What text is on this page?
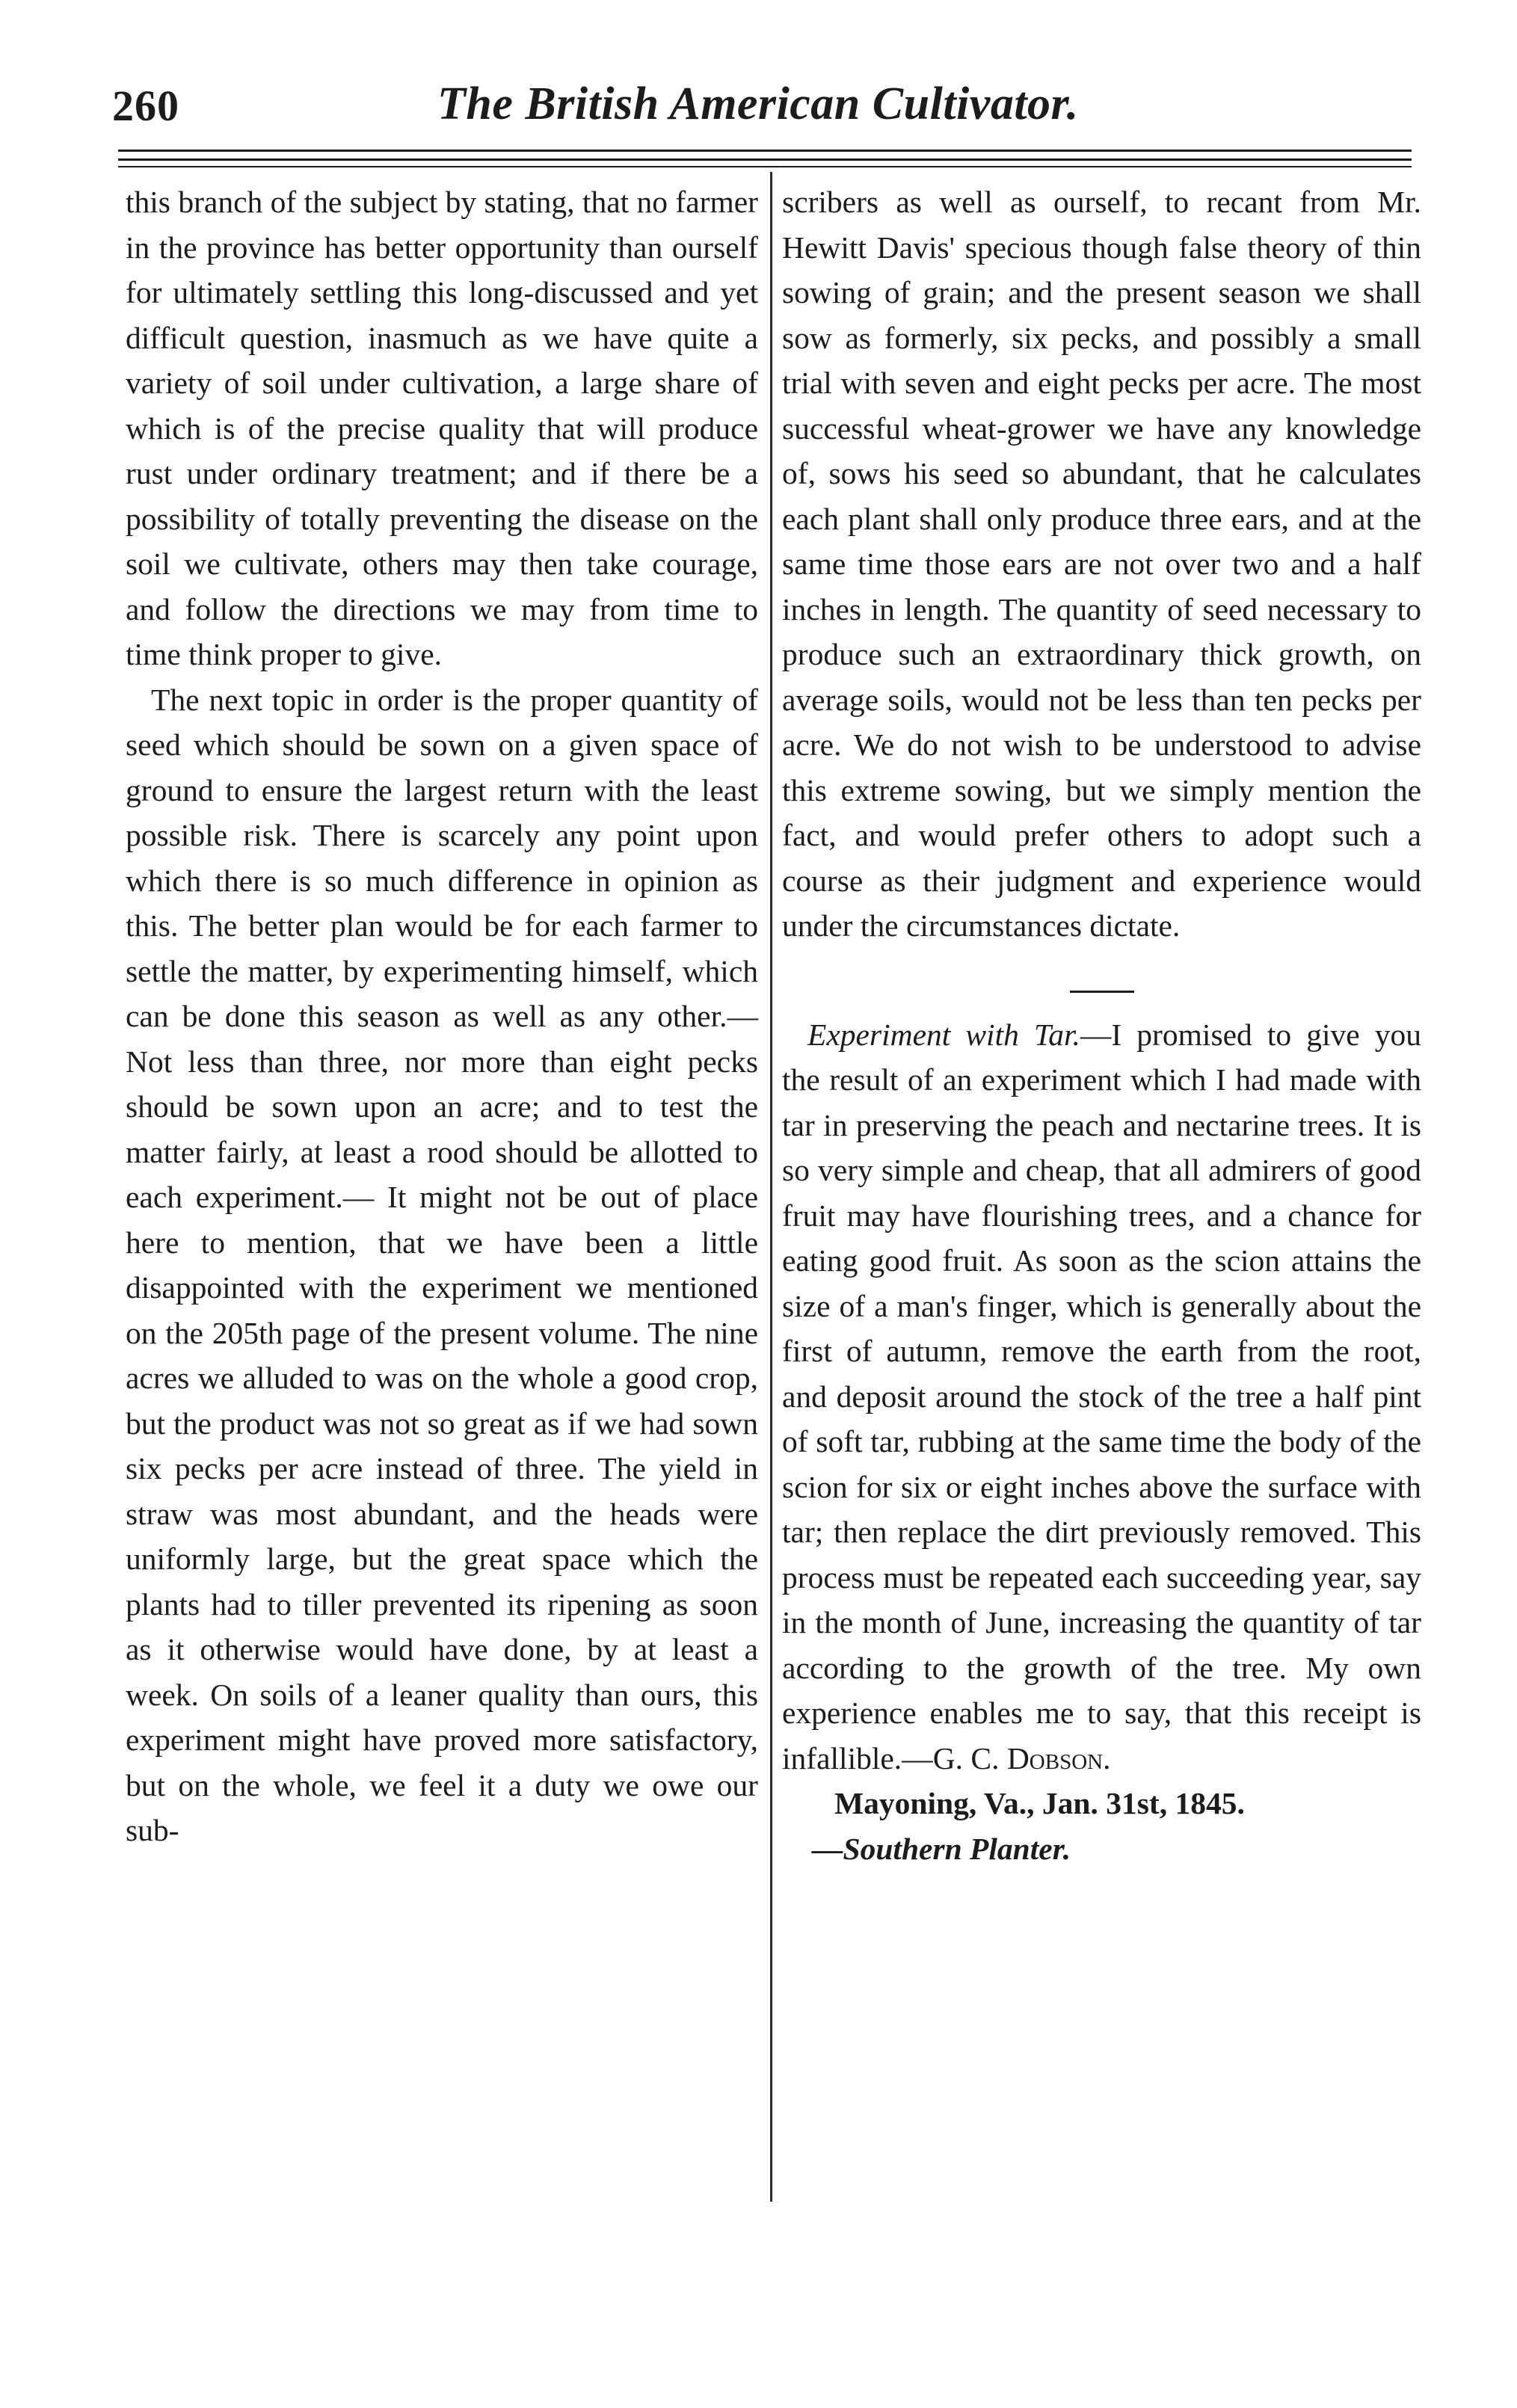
260	The British American Cultivator.

this branch of the subject by stating, that no farmer in the province has better opportunity than ourself for ultimately settling this long-discussed and yet difficult question, inasmuch as we have quite a variety of soil under cultivation, a large share of which is of the precise quality that will produce rust under ordinary treatment; and if there be a possibility of totally preventing the disease on the soil we cultivate, others may then take courage, and follow the directions we may from time to time think proper to give.

The next topic in order is the proper quantity of seed which should be sown on a given space of ground to ensure the largest return with the least possible risk. There is scarcely any point upon which there is so much difference in opinion as this. The better plan would be for each farmer to settle the matter, by experimenting himself, which can be done this season as well as any other.— Not less than three, nor more than eight pecks should be sown upon an acre; and to test the matter fairly, at least a rood should be allotted to each experiment.— It might not be out of place here to mention, that we have been a little disappointed with the experiment we mentioned on the 205th page of the present volume. The nine acres we alluded to was on the whole a good crop, but the product was not so great as if we had sown six pecks per acre instead of three. The yield in straw was most abundant, and the heads were uniformly large, but the great space which the plants had to tiller prevented its ripening as soon as it otherwise would have done, by at least a week. On soils of a leaner quality than ours, this experiment might have proved more satisfactory, but on the whole, we feel it a duty we owe our sub-

scribers as well as ourself, to recant from Mr. Hewitt Davis' specious though false theory of thin sowing of grain; and the present season we shall sow as formerly, six pecks, and possibly a small trial with seven and eight pecks per acre. The most successful wheat-grower we have any knowledge of, sows his seed so abundant, that he calculates each plant shall only produce three ears, and at the same time those ears are not over two and a half inches in length. The quantity of seed necessary to produce such an extraordinary thick growth, on average soils, would not be less than ten pecks per acre. We do not wish to be understood to advise this extreme sowing, but we simply mention the fact, and would prefer others to adopt such a course as their judgment and experience would under the circumstances dictate.

Experiment with Tar.—I promised to give you the result of an experiment which I had made with tar in preserving the peach and nectarine trees. It is so very simple and cheap, that all admirers of good fruit may have flourishing trees, and a chance for eating good fruit. As soon as the scion attains the size of a man's finger, which is generally about the first of autumn, remove the earth from the root, and deposit around the stock of the tree a half pint of soft tar, rubbing at the same time the body of the scion for six or eight inches above the surface with tar; then replace the dirt previously removed. This process must be repeated each succeeding year, say in the month of June, increasing the quantity of tar according to the growth of the tree. My own experience enables me to say, that this receipt is infallible.—G. C. Dobson.

Mayoning, Va., Jan. 31st, 1845.

—Southern Planter.
